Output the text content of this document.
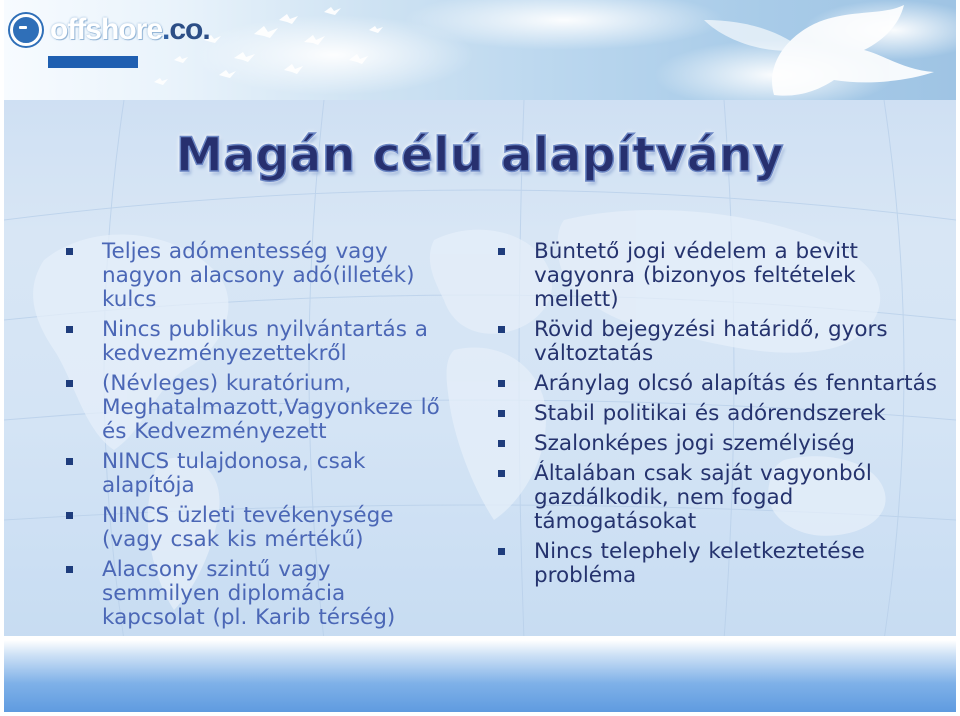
offshore.co.
Magán célú alapítvány
Teljes adómentesség vagy nagyon alacsony adó(illeték) kulcs
Nincs publikus nyilvántartás a kedvezményezettekről
(Névleges) kuratórium, Meghatalmazott,Vagyonkeze lő és Kedvezményezett
NINCS tulajdonosa, csak alapítója
NINCS üzleti tevékenysége (vagy csak kis mértékű)
Alacsony szintű vagy semmilyen diplomácia kapcsolat (pl. Karib térség)
Büntető jogi védelem a bevitt vagyonra (bizonyos feltételek mellett)
Rövid bejegyzési határidő, gyors változtatás
Aránylag olcsó alapítás és fenntartás
Stabil politikai és adórendszerek
Szalonképes jogi személyiség
Általában csak saját vagyonból gazdálkodik, nem fogad támogatásokat
Nincs telephely keletkeztetése probléma
